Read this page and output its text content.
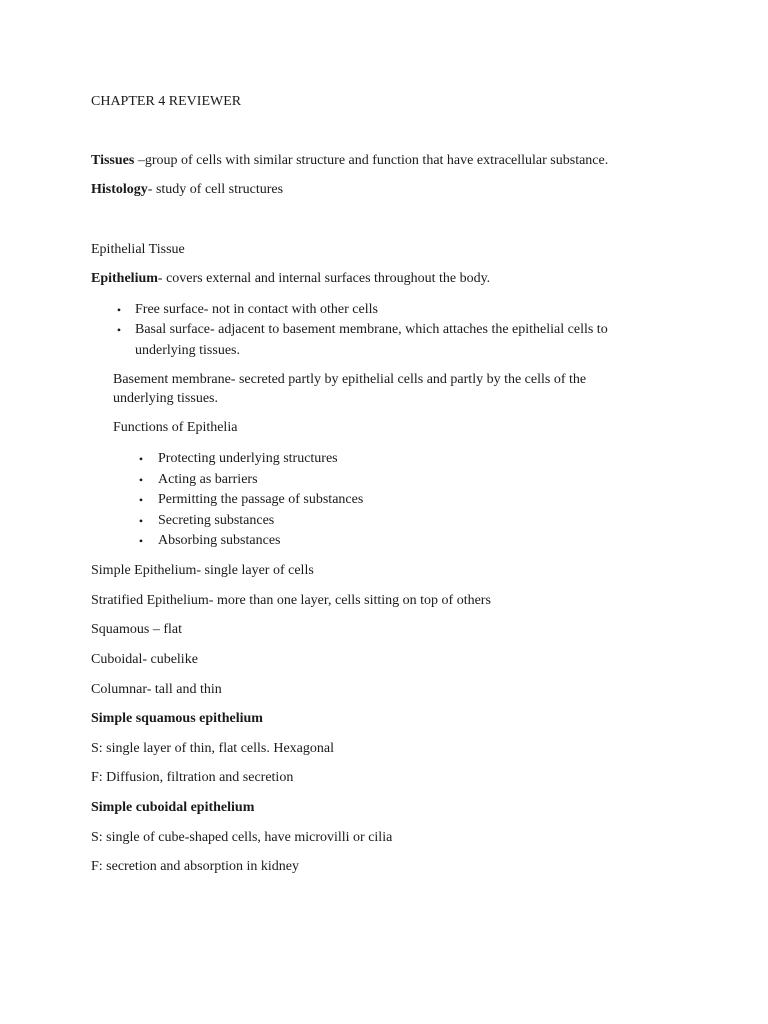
CHAPTER 4 REVIEWER
Tissues –group of cells with similar structure and function that have extracellular substance.
Histology- study of cell structures
Epithelial Tissue
Epithelium- covers external and internal surfaces throughout the body.
• Free surface- not in contact with other cells
• Basal surface- adjacent to basement membrane, which attaches the epithelial cells to
underlying tissues.
Basement membrane- secreted partly by epithelial cells and partly by the cells of the
underlying tissues.
Functions of Epithelia
• Protecting underlying structures
• Acting as barriers
• Permitting the passage of substances
• Secreting substances
• Absorbing substances
Simple Epithelium- single layer of cells
Stratified Epithelium- more than one layer, cells sitting on top of others
Squamous – flat
Cuboidal- cubelike
Columnar- tall and thin
Simple squamous epithelium
S: single layer of thin, flat cells. Hexagonal
F: Diffusion, filtration and secretion
Simple cuboidal epithelium
S: single of cube-shaped cells, have microvilli or cilia
F: secretion and absorption in kidney
